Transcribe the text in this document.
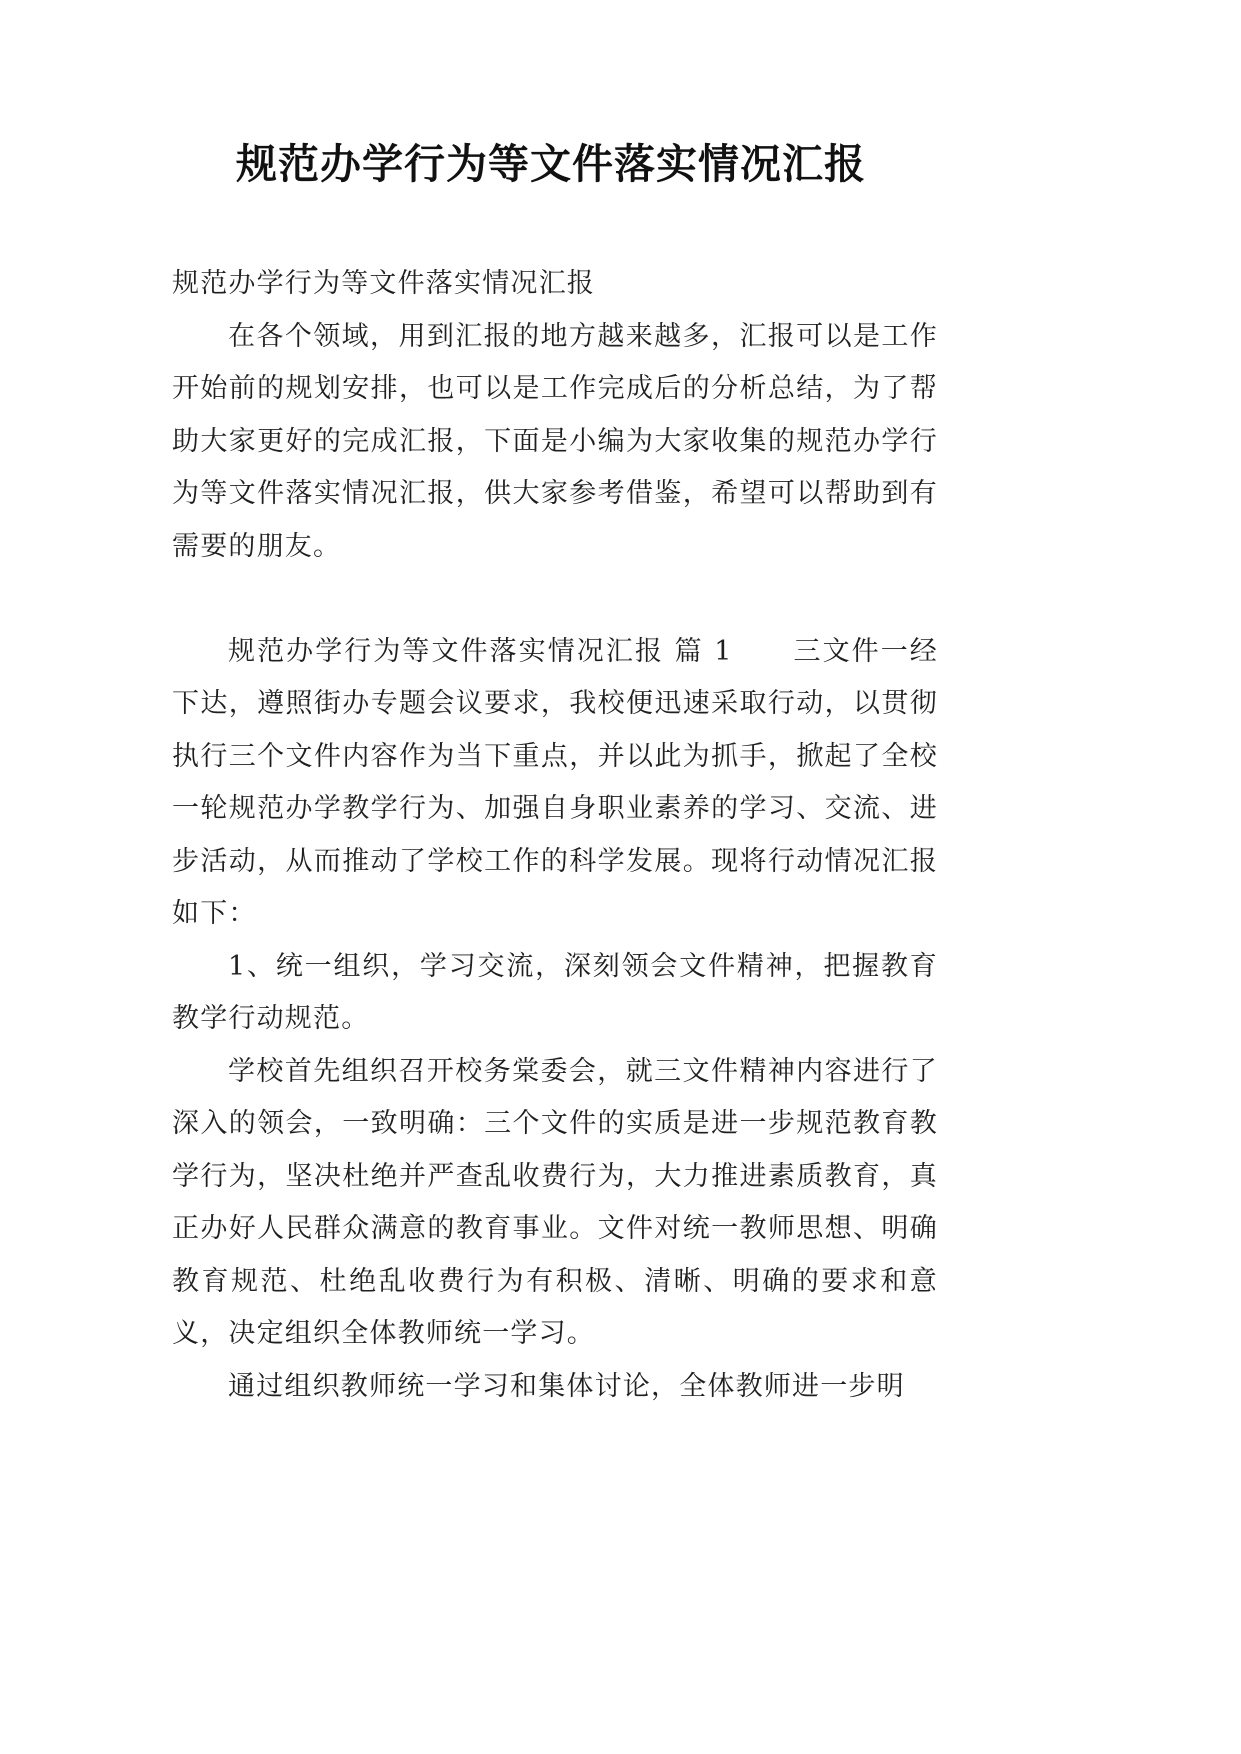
规范办学行为等文件落实情况汇报

规范办学行为等文件落实情况汇报

在各个领域，用到汇报的地方越来越多，汇报可以是工作开始前的规划安排，也可以是工作完成后的分析总结，为了帮助大家更好的完成汇报，下面是小编为大家收集的规范办学行为等文件落实情况汇报，供大家参考借鉴，希望可以帮助到有需要的朋友。

规范办学行为等文件落实情况汇报 篇 1 三文件一经下达，遵照街办专题会议要求，我校便迅速采取行动，以贯彻执行三个文件内容作为当下重点，并以此为抓手，掀起了全校一轮规范办学教学行为、加强自身职业素养的学习、交流、进步活动，从而推动了学校工作的科学发展。现将行动情况汇报如下：

1、统一组织，学习交流，深刻领会文件精神，把握教育教学行动规范。

学校首先组织召开校务棠委会，就三文件精神内容进行了深入的领会，一致明确：三个文件的实质是进一步规范教育教学行为，坚决杜绝并严查乱收费行为，大力推进素质教育，真正办好人民群众满意的教育事业。文件对统一教师思想、明确教育规范、杜绝乱收费行为有积极、清晰、明确的要求和意义，决定组织全体教师统一学习。

通过组织教师统一学习和集体讨论，全体教师进一步明
